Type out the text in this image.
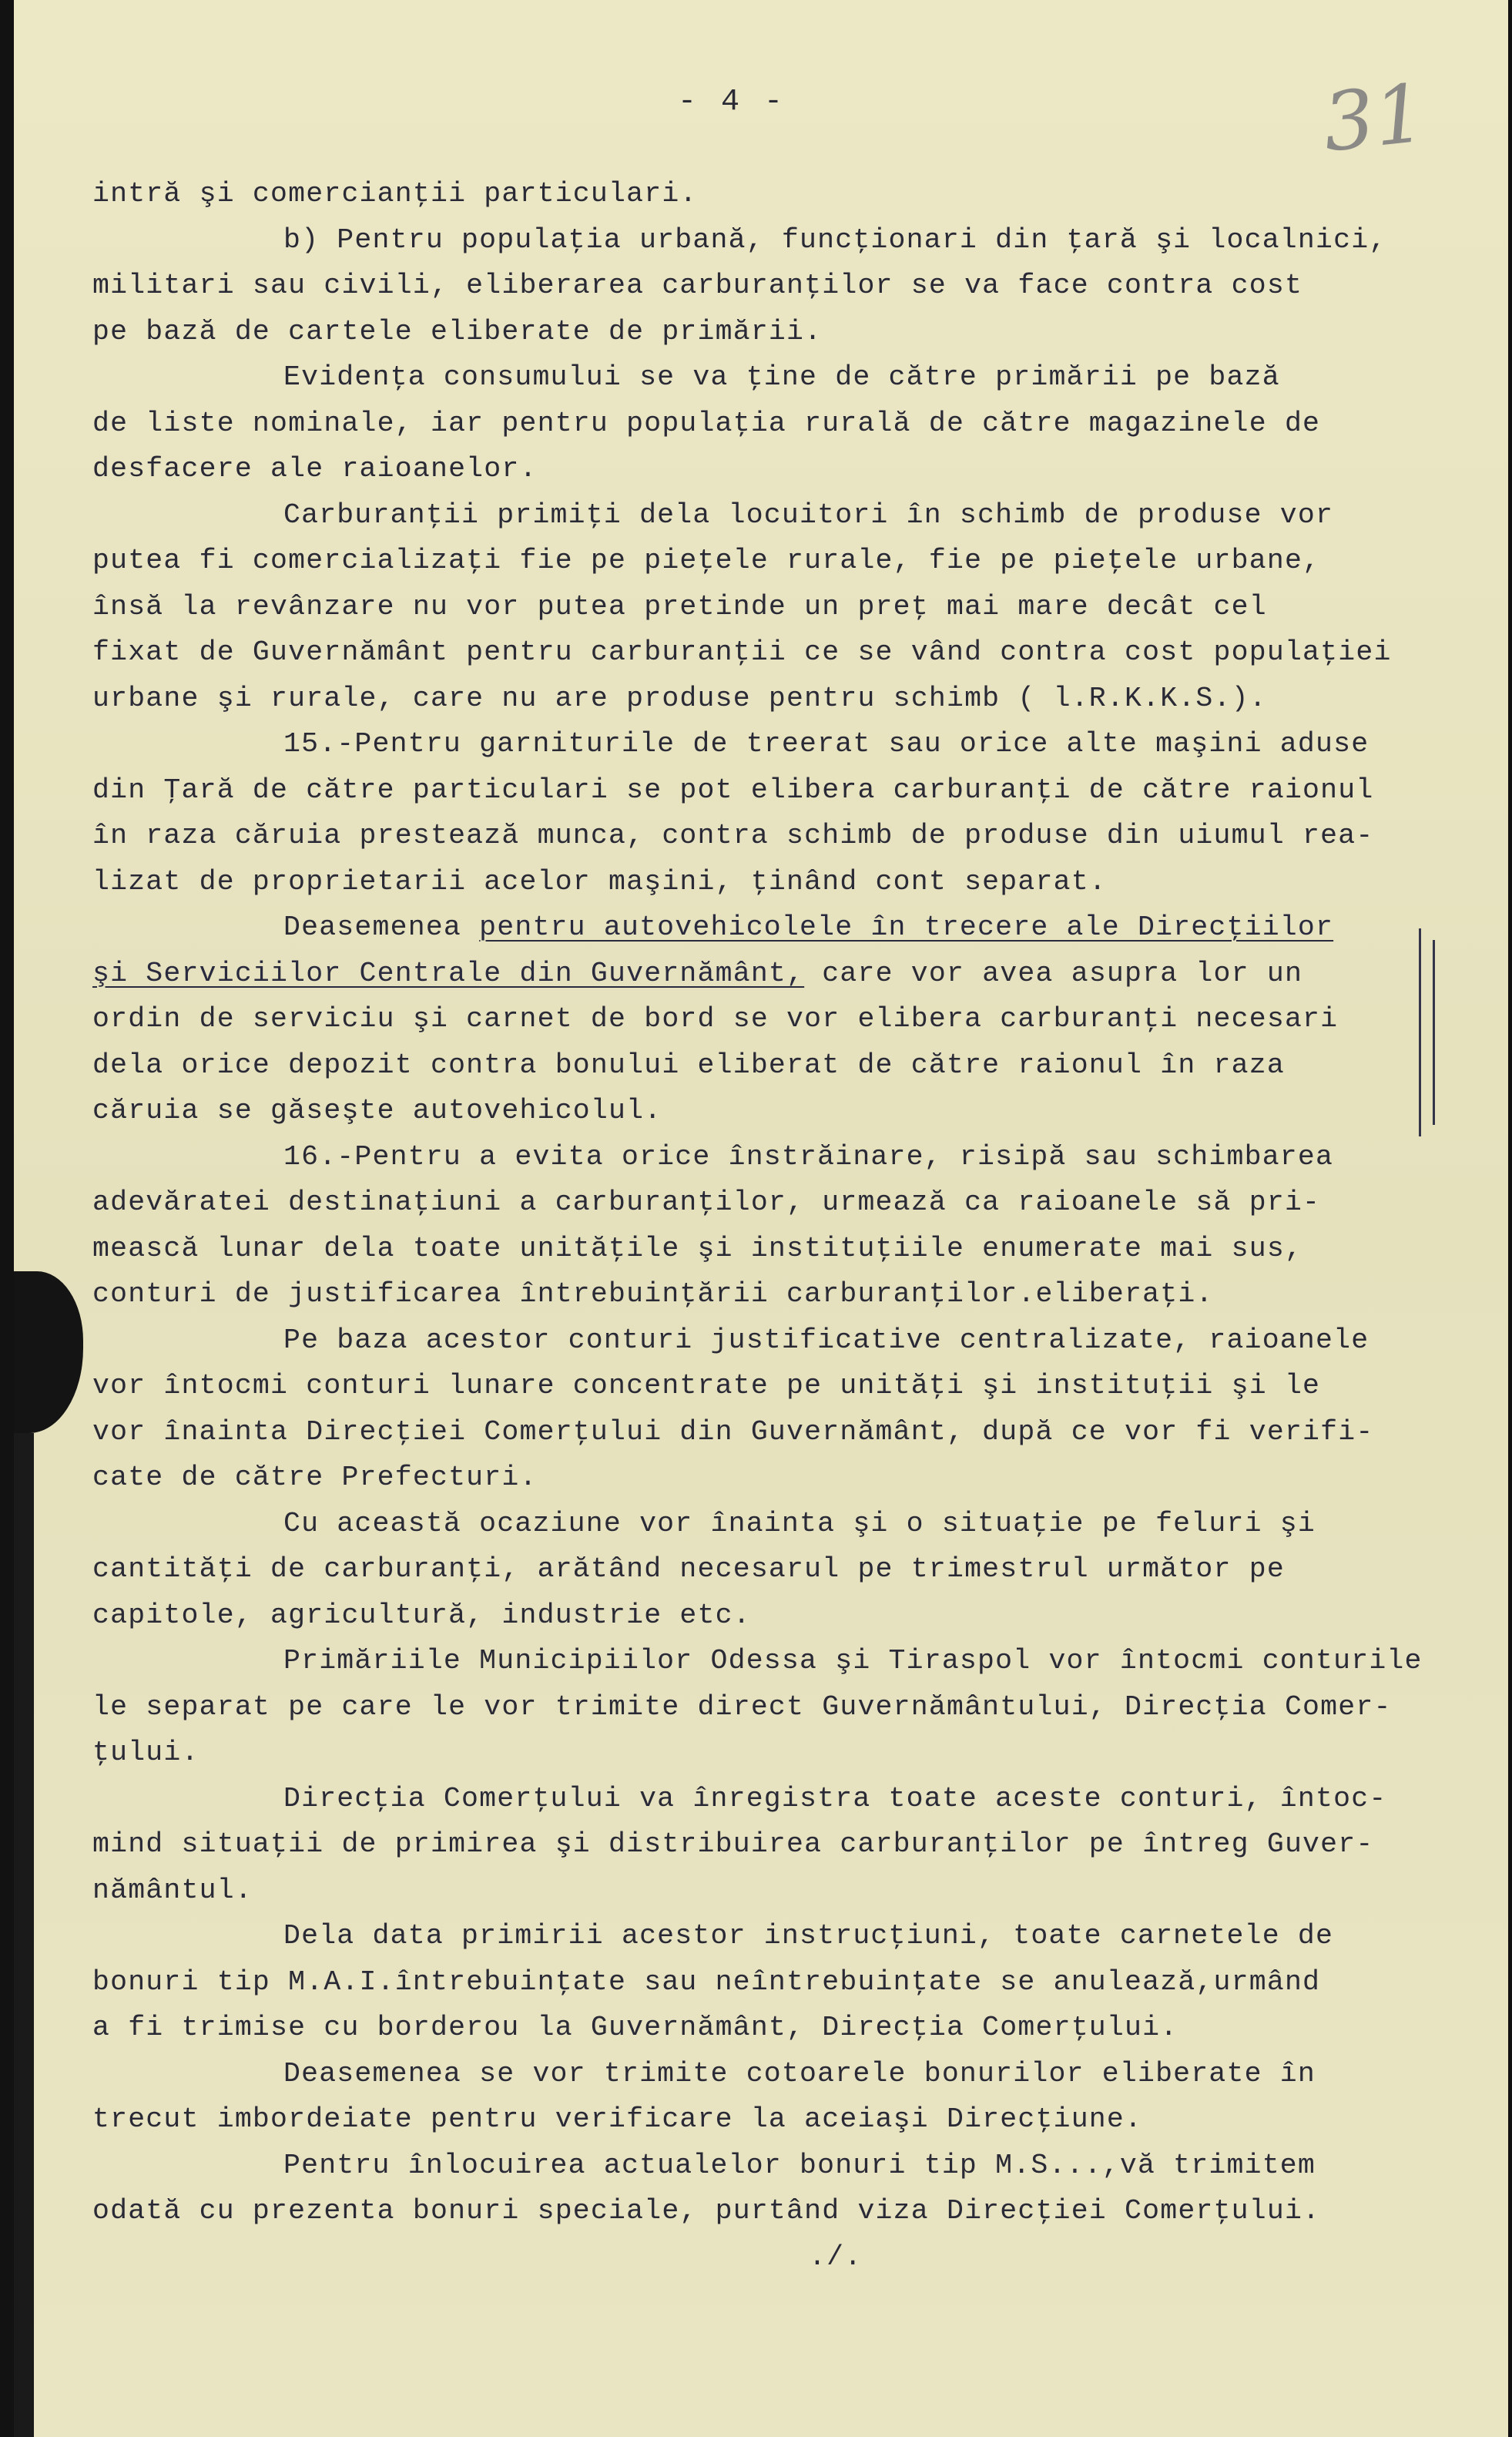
- 4 -	31
intră şi comercianţii particulari.
b) Pentru populaţia urbană, funcţionari din ţară şi localnici,
militari sau civili, eliberarea carburanţilor se va face contra cost
pe bază de cartele eliberate de primării.
Evidenţa consumului se va ţine de către primării pe bază
de liste nominale, iar pentru populaţia rurală de către magazinele de
desfacere ale raioanelor.
Carburanţii primiţi dela locuitori în schimb de produse vor
putea fi comercializaţi fie pe pieţele rurale, fie pe pieţele urbane,
însă la revânzare nu vor putea pretinde un preţ mai mare decât cel
fixat de Guvernământ pentru carburanţii ce se vând contra cost populaţiei
urbane şi rurale, care nu are produse pentru schimb ( l.R.K.K.S.).
15.-Pentru garniturile de treerat sau orice alte maşini aduse
din Ţară de către particulari se pot elibera carburanţi de către raionul
în raza căruia prestează munca, contra schimb de produse din uiumul rea-
lizat de proprietarii acelor maşini, ţinând cont separat.
Deasemenea pentru autovehicolele în trecere ale Direcţiilor
şi Serviciilor Centrale din Guvernământ, care vor avea asupra lor un
ordin de serviciu şi carnet de bord se vor elibera carburanţi necesari
dela orice depozit contra bonului eliberat de către raionul în raza
căruia se găseşte autovehicolul.
16.-Pentru a evita orice înstrăinare, risipă sau schimbarea
adevăratei destinaţiuni a carburanţilor, urmează ca raioanele să pri-
mească lunar dela toate unităţile şi instituţiile enumerate mai sus,
conturi de justificarea întrebuinţării carburanţilor.eliberaţi.
Pe baza acestor conturi justificative centralizate, raioanele
vor întocmi conturi lunare concentrate pe unităţi şi instituţii şi le
vor înainta Direcţiei Comerţului din Guvernământ, după ce vor fi verifi-
cate de către Prefecturi.
Cu această ocaziune vor înainta şi o situaţie pe feluri şi
cantităţi de carburanţi, arătând necesarul pe trimestrul următor pe
capitole, agricultură, industrie etc.
Primăriile Municipiilor Odessa şi Tiraspol vor întocmi conturile
le separat pe care le vor trimite direct Guvernământului, Direcţia Comer-
ţului.
Direcţia Comerţului va înregistra toate aceste conturi, întoc-
mind situaţii de primirea şi distribuirea carburanţilor pe întreg Guver-
nământul.
Dela data primirii acestor instrucţiuni, toate carnetele de
bonuri tip M.A.I.întrebuinţate sau neîntrebuinţate se anulează,urmând
a fi trimise cu borderou la Guvernământ, Direcţia Comerţului.
Deasemenea se vor trimite cotoarele bonurilor eliberate în
trecut imbordeiate pentru verificare la aceiaşi Direcţiune.
Pentru înlocuirea actualelor bonuri tip M.S...,vă trimitem
odată cu prezenta bonuri speciale, purtând viza Direcţiei Comerţului.
./.
